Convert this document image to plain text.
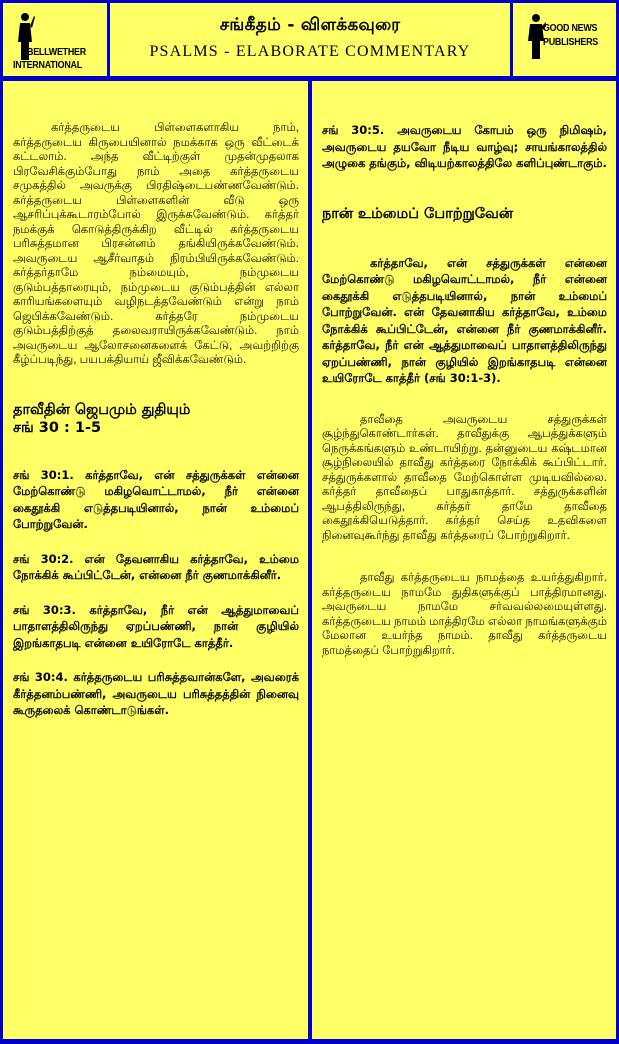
BELLWETHER
INTERNATIONAL
சங்கீதம் - விளக்கவுரை
PSALMS - ELABORATE COMMENTARY
GOOD NEWS
PUBLISHERS

கர்த்தருடைய பிள்ளைகளாகிய நாம், கர்த்தருடைய கிருபையினால் நமக்காக ஒரு வீட்டைக் கட்டலாம். அந்த வீட்டிற்குள் முதன்முதலாக பிரவேசிக்கும்போது நாம் அதை கர்த்தருடைய சமுகத்தில் அவருக்கு பிரதிஷ்டைபண்ணவேண்டும். கர்த்தருடைய பிள்ளைகளின் வீடு ஒரு ஆசரிப்புக்கூடாரம்போல் இருக்கவேண்டும். கர்த்தர் நமக்குக் கொடுத்திருக்கிற வீட்டில் கர்த்தருடைய பரிசுத்தமான பிரசன்னம் தங்கியிருக்கவேண்டும். அவருடைய ஆசீர்வாதம் நிரம்பியிருக்கவேண்டும். கர்த்தர்தாமே நம்மையும், நம்முடைய குடும்பத்தாரையும், நம்முடைய குடும்பத்தின் எல்லா காரியங்களையும் வழிநடத்தவேண்டும் என்று நாம் ஜெபிக்கவேண்டும். கர்த்தரே நம்முடைய குடும்பத்திற்குத் தலைவராயிருக்கவேண்டும். நாம் அவருடைய ஆலோசனைகளைக் கேட்டு, அவற்றிற்கு கீழ்ப்படிந்து, பயபக்தியாய் ஜீவிக்கவேண்டும்.

தாவீதின் ஜெபமும் துதியும்

சங் 30 : 1-5

சங் 30:1. கர்த்தாவே, என் சத்துருக்கள் என்னை மேற்கொண்டு மகிழவொட்டாமல், நீர் என்னை கைதூக்கி எடுத்தபடியினால், நான் உம்மைப் போற்றுவேன்.

சங் 30:2. என் தேவனாகிய கர்த்தாவே, உம்மை நோக்கிக் கூப்பிட்டேன், என்னை நீர் குணமாக்கினீர்.

சங் 30:3. கர்த்தாவே, நீர் என் ஆத்துமாவைப் பாதாளத்திலிருந்து ஏறப்பண்ணி, நான் குழியில் இறங்காதபடி என்னை உயிரோடே காத்தீர்.

சங் 30:4. கர்த்தருடைய பரிசுத்தவான்களே, அவரைக் கீர்த்தனம்பண்ணி, அவருடைய பரிசுத்தத்தின் நினைவு கூருதலைக் கொண்டாடுங்கள்.

சங் 30:5. அவருடைய கோபம் ஒரு நிமிஷம், அவருடைய தயவோ நீடிய வாழ்வு; சாயங்காலத்தில் அழுகை தங்கும், விடியற்காலத்திலே களிப்புண்டாகும்.

நான் உம்மைப் போற்றுவேன்

கர்த்தாவே, என் சத்துருக்கள் என்னை மேற்கொண்டு மகிழவொட்டாமல், நீர் என்னை கைதூக்கி எடுத்தபடியினால், நான் உம்மைப் போற்றுவேன். என் தேவனாகிய கர்த்தாவே, உம்மை நோக்கிக் கூப்பிட்டேன், என்னை நீர் குணமாக்கினீர். கர்த்தாவே, நீர் என் ஆத்துமாவைப் பாதாளத்திலிருந்து ஏறப்பண்ணி, நான் குழியில் இறங்காதபடி என்னை உயிரோடே காத்தீர் (சங் 30:1-3).

தாவீதை அவருடைய சத்துருக்கள் சூழ்ந்துகொண்டார்கள். தாவீதுக்கு ஆபத்துக்களும் நெருக்கங்களும் உண்டாயிற்று. தன்னுடைய கஷ்டமான சூழ்நிலையில் தாவீது கர்த்தரை நோக்கிக் கூப்பிட்டார். சத்துருக்களால் தாவீதை மேற்கொள்ள முடியவில்லை. கர்த்தர் தாவீதைப் பாதுகாத்தார். சத்துருக்களின் ஆபத்திலிருந்து, கர்த்தர் தாமே தாவீதை கைதூக்கியெடுத்தார். கர்த்தர் செய்த உதவிகளை நினைவுகூர்ந்து தாவீது கர்த்தரைப் போற்றுகிறார்.

தாவீது கர்த்தருடைய நாமத்தை உயர்த்துகிறார். கர்த்தருடைய நாமமே துதிகளுக்குப் பாத்திரமானது. அவருடைய நாமமே சர்வவல்லமையுள்ளது. கர்த்தருடைய நாமம் மாத்திரமே எல்லா நாமங்களுக்கும் மேலான உயர்ந்த நாமம். தாவீது கர்த்தருடைய நாமத்தைப் போற்றுகிறார்.
